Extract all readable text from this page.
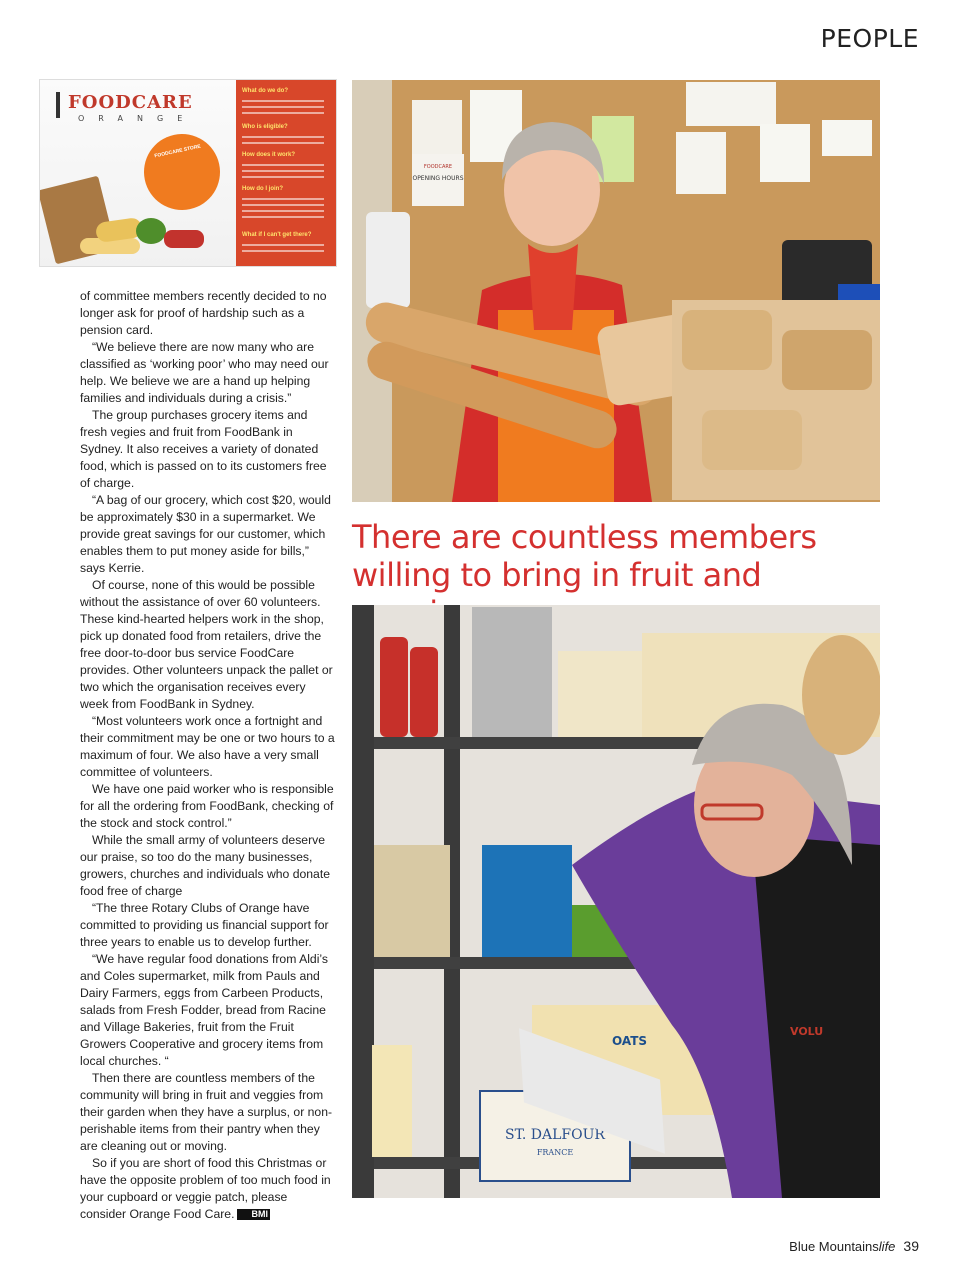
PEOPLE
FOODCARE
ORANGE
FOODCARE STORE
What do we do?
Who is eligible?
How does it work?
How do I join?
What if I can't get there?

of committee members recently decided to no longer ask for proof of hardship such as a pension card.

“We believe there are now many who are classified as ‘working poor’ who may need our help. We believe we are a hand up helping families and individuals during a crisis.”

The group purchases grocery items and fresh vegies and fruit from FoodBank in Sydney. It also receives a variety of donated food, which is passed on to its customers free of charge.

“A bag of our grocery, which cost $20, would be approximately $30 in a supermarket. We provide great savings for our customer, which enables them to put money aside for bills,” says Kerrie.

Of course, none of this would be possible without the assistance of over 60 volunteers. These kind-hearted helpers work in the shop, pick up donated food from retailers, drive the free door-to-door bus service FoodCare provides. Other volunteers unpack the pallet or two which the organisation receives every week from FoodBank in Sydney.

“Most volunteers work once a fortnight and their commitment may be one or two hours to a maximum of four. We also have a very small committee of volunteers.

We have one paid worker who is responsible for all the ordering from FoodBank, checking of the stock and stock control.”

While the small army of volunteers deserve our praise, so too do the many businesses, growers, churches and individuals who donate food free of charge

“The three Rotary Clubs of Orange have committed to providing us financial support for three years to enable us to develop further.

“We have regular food donations from Aldi’s and Coles supermarket, milk from Pauls and Dairy Farmers, eggs from Carbeen Products, salads from Fresh Fodder, bread from Racine and Village Bakeries, fruit from the Fruit Growers Cooperative and grocery items from local churches. “

Then there are countless members of the community will bring in fruit and veggies from their garden when they have a surplus, or non-perishable items from their pantry when they are cleaning out or moving.

So if you are short of food this Christmas or have the opposite problem of too much food in your cupboard or veggie patch, please consider Orange Food Care. BMl

FOODCARE
OPENING HOURS
There are countless members willing to bring in fruit and
OATS
ST. DALFOUR
FRANCE
VOLU
Blue Mountainslife 39
